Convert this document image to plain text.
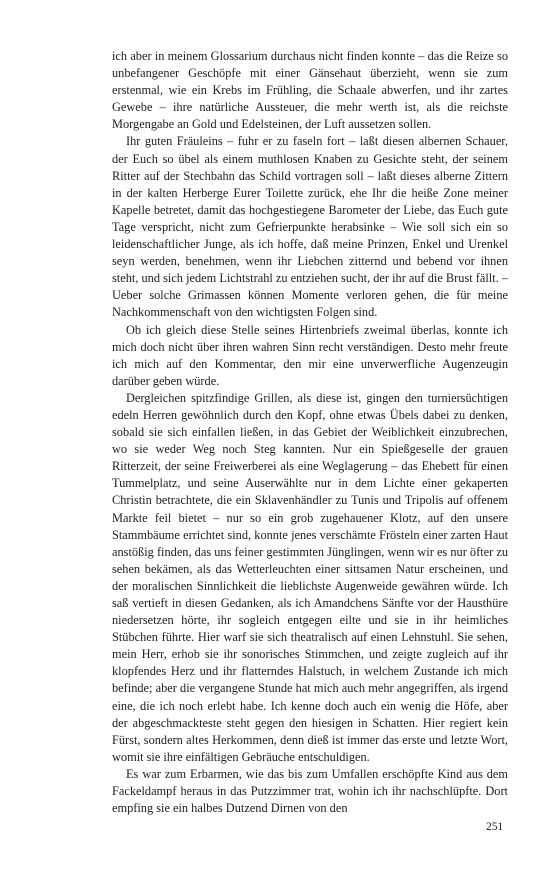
ich aber in meinem Glossarium durchaus nicht finden konnte – das die Reize so unbefangener Geschöpfe mit einer Gänsehaut überzieht, wenn sie zum erstenmal, wie ein Krebs im Frühling, die Schaale abwerfen, und ihr zartes Gewebe – ihre natürliche Aussteuer, die mehr werth ist, als die reichste Morgengabe an Gold und Edelsteinen, der Luft aussetzen sollen.

Ihr guten Fräuleins – fuhr er zu faseln fort – laßt diesen albernen Schauer, der Euch so übel als einem muthlosen Knaben zu Gesichte steht, der seinem Ritter auf der Stechbahn das Schild vortragen soll – laßt dieses alberne Zittern in der kalten Herberge Eurer Toilette zurück, ehe Ihr die heiße Zone meiner Kapelle betretet, damit das hochgestiegene Barometer der Liebe, das Euch gute Tage verspricht, nicht zum Gefrierpunkte herabsinke – Wie soll sich ein so leidenschaftlicher Junge, als ich hoffe, daß meine Prinzen, Enkel und Urenkel seyn werden, benehmen, wenn ihr Liebchen zitternd und bebend vor ihnen steht, und sich jedem Lichtstrahl zu entziehen sucht, der ihr auf die Brust fällt. – Ueber solche Grimassen können Momente verloren gehen, die für meine Nachkommenschaft von den wichtigsten Folgen sind.

Ob ich gleich diese Stelle seines Hirtenbriefs zweimal überlas, konnte ich mich doch nicht über ihren wahren Sinn recht verständigen. Desto mehr freute ich mich auf den Kommentar, den mir eine unverwerfliche Augenzeugin darüber geben würde.

Dergleichen spitzfindige Grillen, als diese ist, gingen den turniersüchtigen edeln Herren gewöhnlich durch den Kopf, ohne etwas Übels dabei zu denken, sobald sie sich einfallen ließen, in das Gebiet der Weiblichkeit einzubrechen, wo sie weder Weg noch Steg kannten. Nur ein Spießgeselle der grauen Ritterzeit, der seine Freiwerberei als eine Weglagerung – das Ehebett für einen Tummelplatz, und seine Auserwählte nur in dem Lichte einer gekaperten Christin betrachtete, die ein Sklavenhändler zu Tunis und Tripolis auf offenem Markte feil bietet – nur so ein grob zugehauener Klotz, auf den unsere Stammbäume errichtet sind, konnte jenes verschämte Frösteln einer zarten Haut anstößig finden, das uns feiner gestimmten Jünglingen, wenn wir es nur öfter zu sehen bekämen, als das Wetterleuchten einer sittsamen Natur erscheinen, und der moralischen Sinnlichkeit die lieblichste Augenweide gewähren würde. Ich saß vertieft in diesen Gedanken, als ich Amandchens Sänfte vor der Hausthüre niedersetzen hörte, ihr sogleich entgegen eilte und sie in ihr heimliches Stübchen führte. Hier warf sie sich theatralisch auf einen Lehnstuhl. Sie sehen, mein Herr, erhob sie ihr sonorisches Stimmchen, und zeigte zugleich auf ihr klopfendes Herz und ihr flatterndes Halstuch, in welchem Zustande ich mich befinde; aber die vergangene Stunde hat mich auch mehr angegriffen, als irgend eine, die ich noch erlebt habe. Ich kenne doch auch ein wenig die Höfe, aber der abgeschmackteste steht gegen den hiesigen in Schatten. Hier regiert kein Fürst, sondern altes Herkommen, denn dieß ist immer das erste und letzte Wort, womit sie ihre einfältigen Gebräuche entschuldigen.

Es war zum Erbarmen, wie das bis zum Umfallen erschöpfte Kind aus dem Fackeldampf heraus in das Putzzimmer trat, wohin ich ihr nachschlüpfte. Dort empfing sie ein halbes Dutzend Dirnen von den

251
